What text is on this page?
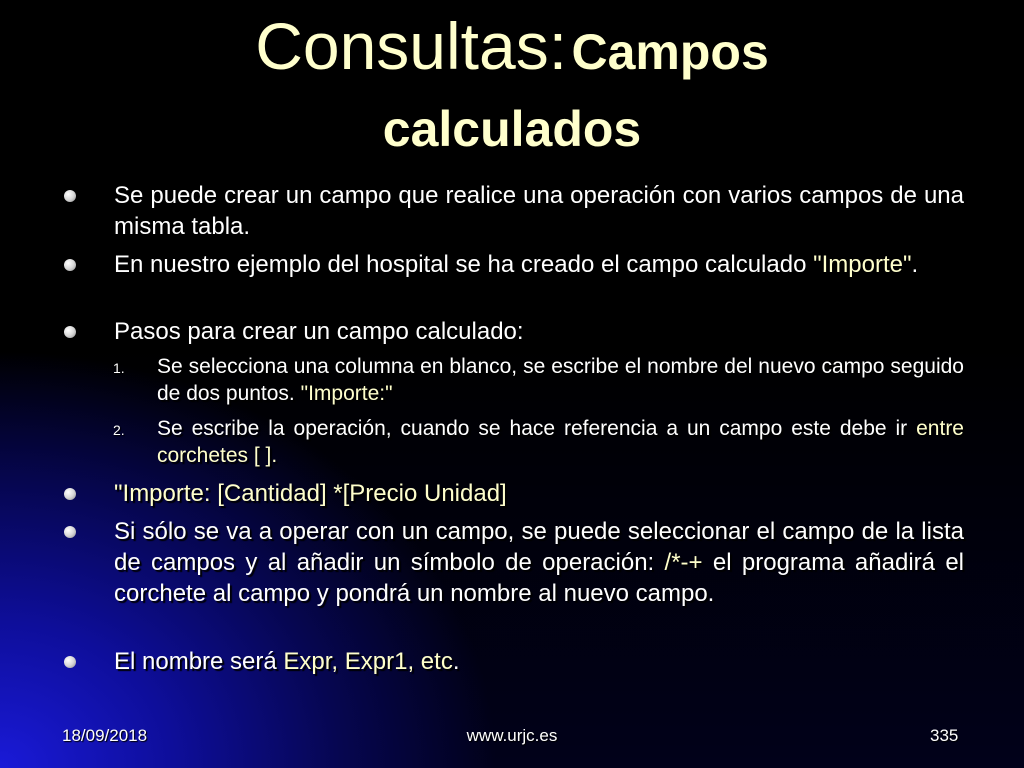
Consultas: Campos
calculados
Se puede crear un campo que realice una operación con varios campos de una misma tabla.
En nuestro ejemplo del hospital se ha creado el campo calculado "Importe".
Pasos para crear un campo calculado:
1. Se selecciona una columna en blanco, se escribe el nombre del nuevo campo seguido de dos puntos. "Importe:"
2. Se escribe la operación, cuando se hace referencia a un campo este debe ir entre corchetes [ ].
"Importe: [Cantidad] *[Precio Unidad]
Si sólo se va a operar con un campo, se puede seleccionar el campo de la lista de campos y al añadir un símbolo de operación: /*-+ el programa añadirá el corchete al campo y pondrá un nombre al nuevo campo.
El nombre será Expr, Expr1, etc.
18/09/2018	www.urjc.es	335
